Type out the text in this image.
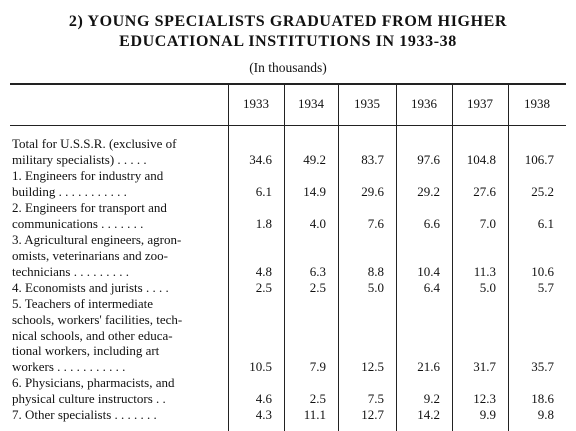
2) YOUNG SPECIALISTS GRADUATED FROM HIGHER
EDUCATIONAL INSTITUTIONS IN 1933-38
(In thousands)
1933	1934	1935	1936	1937	1938
Total for U.S.S.R. (exclusive of
military specialists) . . . . .	34.6	49.2	83.7	97.6	104.8	106.7
1. Engineers for industry and
building . . . . . . . . . . .	6.1	14.9	29.6	29.2	27.6	25.2
2. Engineers for transport and
communications . . . . . . .	1.8	4.0	7.6	6.6	7.0	6.1
3. Agricultural engineers, agron-
omists, veterinarians and zoo-
technicians . . . . . . . . .	4.8	6.3	8.8	10.4	11.3	10.6
4. Economists and jurists . . . .	2.5	2.5	5.0	6.4	5.0	5.7
5. Teachers of intermediate
schools, workers' facilities, tech-
nical schools, and other educa-
tional workers, including art
workers . . . . . . . . . . .	10.5	7.9	12.5	21.6	31.7	35.7
6. Physicians, pharmacists, and
physical culture instructors . .	4.6	2.5	7.5	9.2	12.3	18.6
7. Other specialists . . . . . . .	4.3	11.1	12.7	14.2	9.9	9.8
